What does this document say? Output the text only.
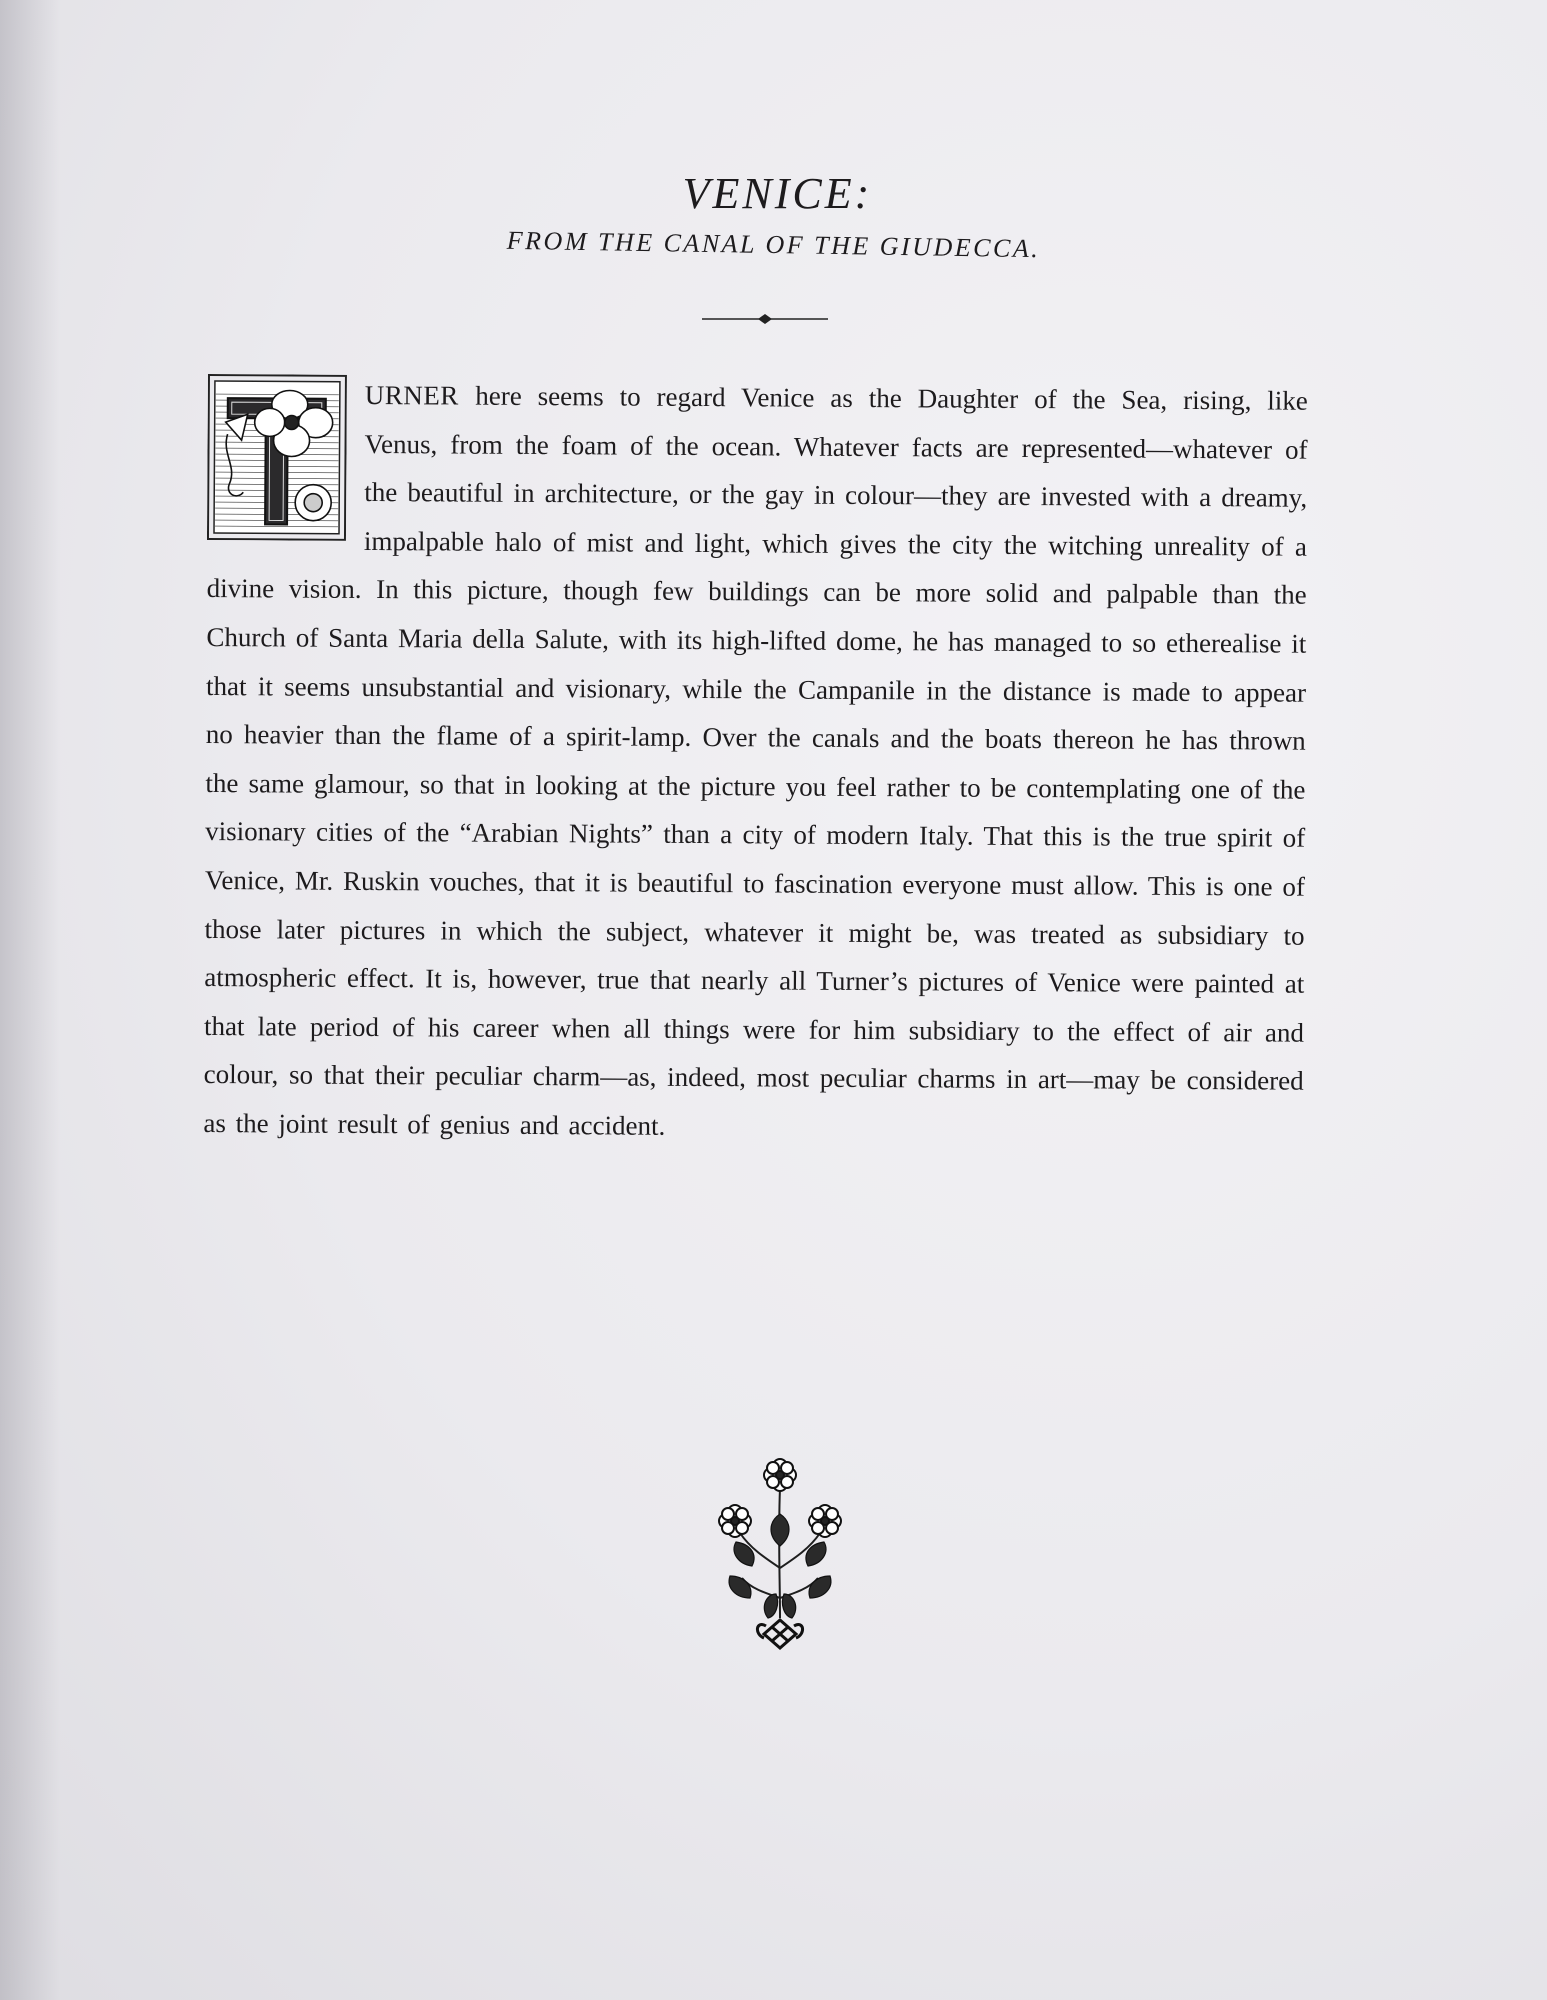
VENICE:
FROM THE CANAL OF THE GIUDECCA.
URNER here seems to regard Venice as the Daughter of the Sea, rising, like Venus, from the foam of the ocean. Whatever facts are represented—whatever of the beautiful in architecture, or the gay in colour—they are invested with a dreamy, impalpable halo of mist and light, which gives the city the witching unreality of a divine vision. In this picture, though few buildings can be more solid and palpable than the Church of Santa Maria della Salute, with its high-lifted dome, he has managed to so etherealise it that it seems unsubstantial and visionary, while the Campanile in the distance is made to appear no heavier than the flame of a spirit-lamp. Over the canals and the boats thereon he has thrown the same glamour, so that in looking at the picture you feel rather to be contemplating one of the visionary cities of the “Arabian Nights” than a city of modern Italy. That this is the true spirit of Venice, Mr. Ruskin vouches, that it is beautiful to fascination everyone must allow. This is one of those later pictures in which the subject, whatever it might be, was treated as subsidiary to atmospheric effect. It is, however, true that nearly all Turner’s pictures of Venice were painted at that late period of his career when all things were for him subsidiary to the effect of air and colour, so that their peculiar charm—as, indeed, most peculiar charms in art—may be considered as the joint result of genius and accident.
